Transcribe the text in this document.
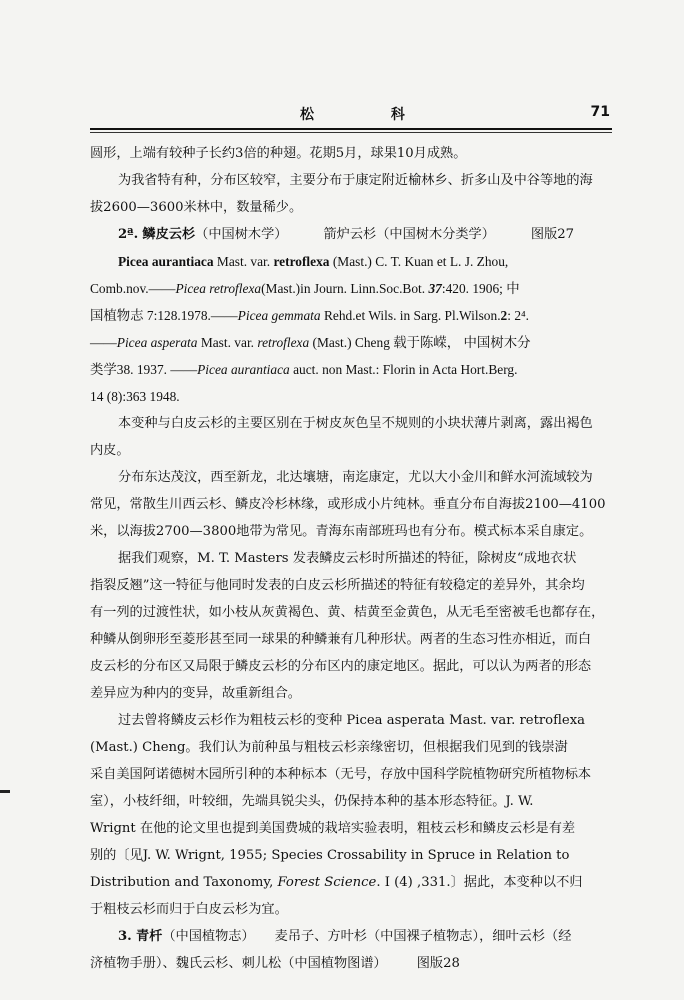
松 科	71

圆形，上端有较种子长约3倍的种翅。花期5月，球果10月成熟。

为我省特有种，分布区较窄，主要分布于康定附近榆林乡、折多山及中谷等地的海

拔2600—3600米林中，数量稀少。

2ª. 鳞皮云杉（中国树木学）	箭炉云杉（中国树木分类学）	图版27

Picea aurantiaca Mast. var. retroflexa (Mast.) C. T. Kuan et L. J. Zhou,

Comb.nov.——Picea retroflexa(Mast.)in Journ. Linn.Soc.Bot. 37:420. 1906; 中

国植物志 7:128.1978.——Picea gemmata Rehd.et Wils. in Sarg. Pl.Wilson.2: 2⁴.

——Picea asperata Mast. var. retroflexa (Mast.) Cheng 载于陈嵘， 中国树木分

类学38. 1937. ——Picea aurantiaca auct. non Mast.: Florin in Acta Hort.Berg.

14 (8):363 1948.

本变种与白皮云杉的主要区别在于树皮灰色呈不规则的小块状薄片剥离，露出褐色

内皮。

分布东达茂汶，西至新龙，北达壤塘，南迄康定，尤以大小金川和鲜水河流域较为

常见，常散生川西云杉、鳞皮冷杉林缘，或形成小片纯林。垂直分布自海拔2100—4100

米，以海拔2700—3800地带为常见。青海东南部班玛也有分布。模式标本采自康定。

据我们观察，M. T. Masters 发表鳞皮云杉时所描述的特征，除树皮“成地衣状

指裂反翘”这一特征与他同时发表的白皮云杉所描述的特征有较稳定的差异外，其余均

有一列的过渡性状，如小枝从灰黄褐色、黄、桔黄至金黄色，从无毛至密被毛也都存在，

种鳞从倒卵形至菱形甚至同一球果的种鳞兼有几种形状。两者的生态习性亦相近，而白

皮云杉的分布区又局限于鳞皮云杉的分布区内的康定地区。据此，可以认为两者的形态

差异应为种内的变异，故重新组合。

过去曾将鳞皮云杉作为粗枝云杉的变种 Picea asperata Mast. var. retroflexa

(Mast.) Cheng。我们认为前种虽与粗枝云杉亲缘密切，但根据我们见到的钱崇澍

采自美国阿诺德树木园所引种的本种标本（无号，存放中国科学院植物研究所植物标本

室），小枝纤细，叶较细，先端具锐尖头，仍保持本种的基本形态特征。J. W.

Wrignt 在他的论文里也提到美国费城的栽培实验表明，粗枝云杉和鳞皮云杉是有差

别的〔见J. W. Wrignt, 1955; Species Crossability in Spruce in Relation to

Distribution and Taxonomy, Forest Science. I (4) ,331.〕据此，本变种以不归

于粗枝云杉而归于白皮云杉为宜。

3. 青杄（中国植物志） 麦吊子、方叶杉（中国裸子植物志），细叶云杉（经

济植物手册）、魏氏云杉、刺儿松（中国植物图谱） 图版28
